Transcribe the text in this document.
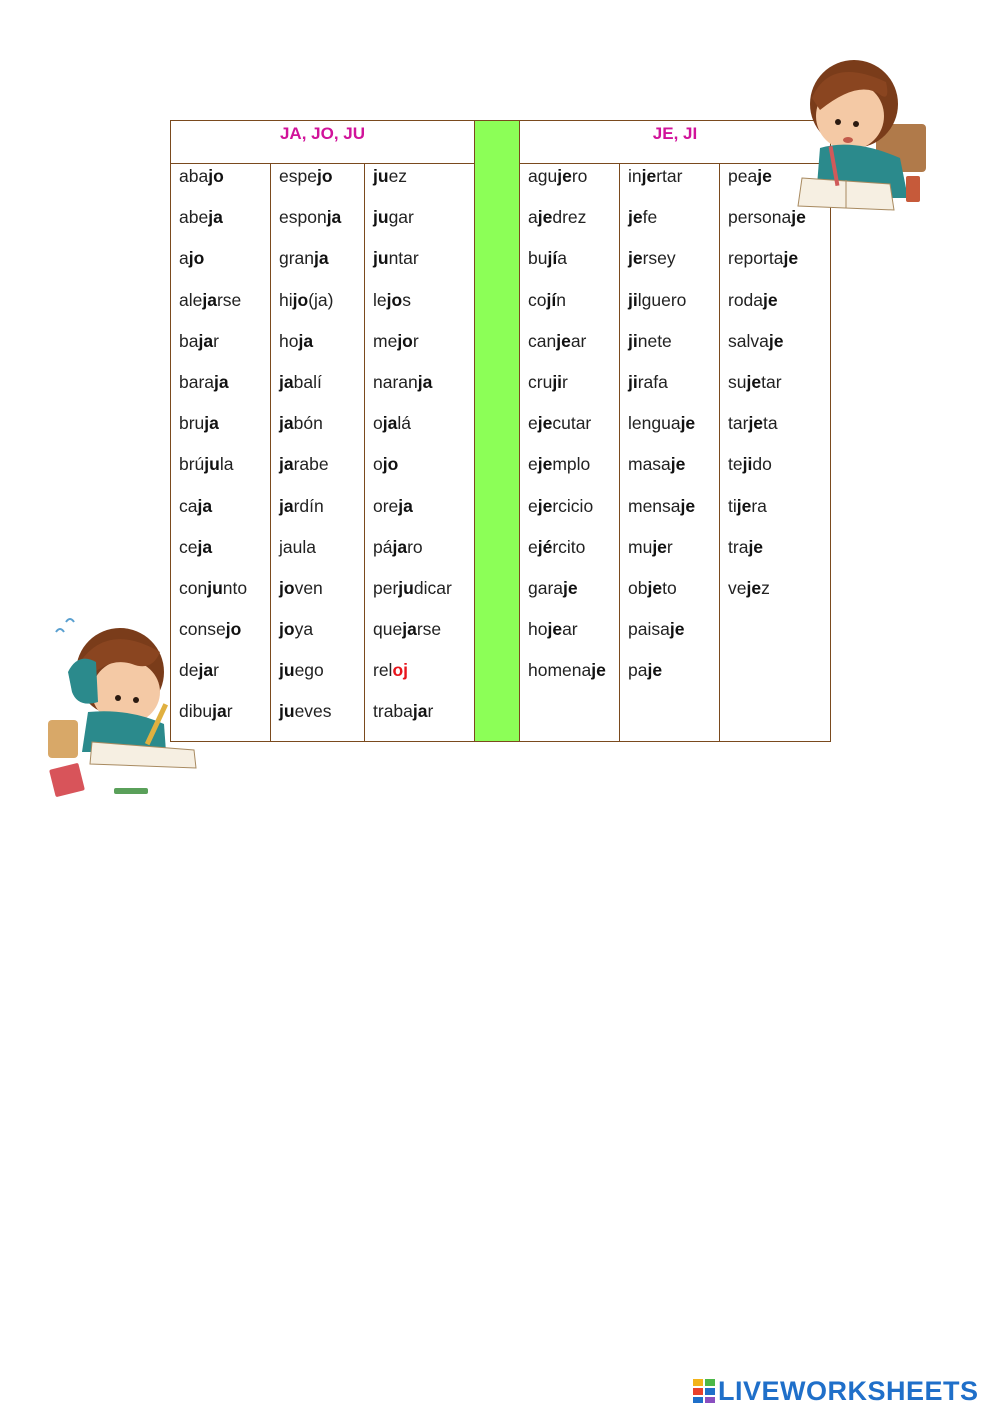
JA, JO, JU
abajo
abeja
ajo
alejarse
bajar
baraja
bruja
brújula
caja
ceja
conjunto
consejo
dejar
dibujar
espejo
esponja
granja
hijo(ja)
hoja
jabalí
jabón
jarabe
jardín
jaula
joven
joya
juego
jueves
juez
jugar
juntar
lejos
mejor
naranja
ojalá
ojo
oreja
pájaro
perjudicar
quejarse
reloj
trabajar
JE, JI
agujero
ajedrez
bujía
cojín
canjear
crujir
ejecutar
ejemplo
ejercicio
ejército
garaje
hojear
homenaje
injertar
jefe
jersey
jilguero
jinete
jirafa
lenguaje
masaje
mensaje
mujer
objeto
paisaje
paje
peaje
personaje
reportaje
rodaje
salvaje
sujetar
tarjeta
tejido
tijera
traje
vejez
LIVEWORKSHEETS
